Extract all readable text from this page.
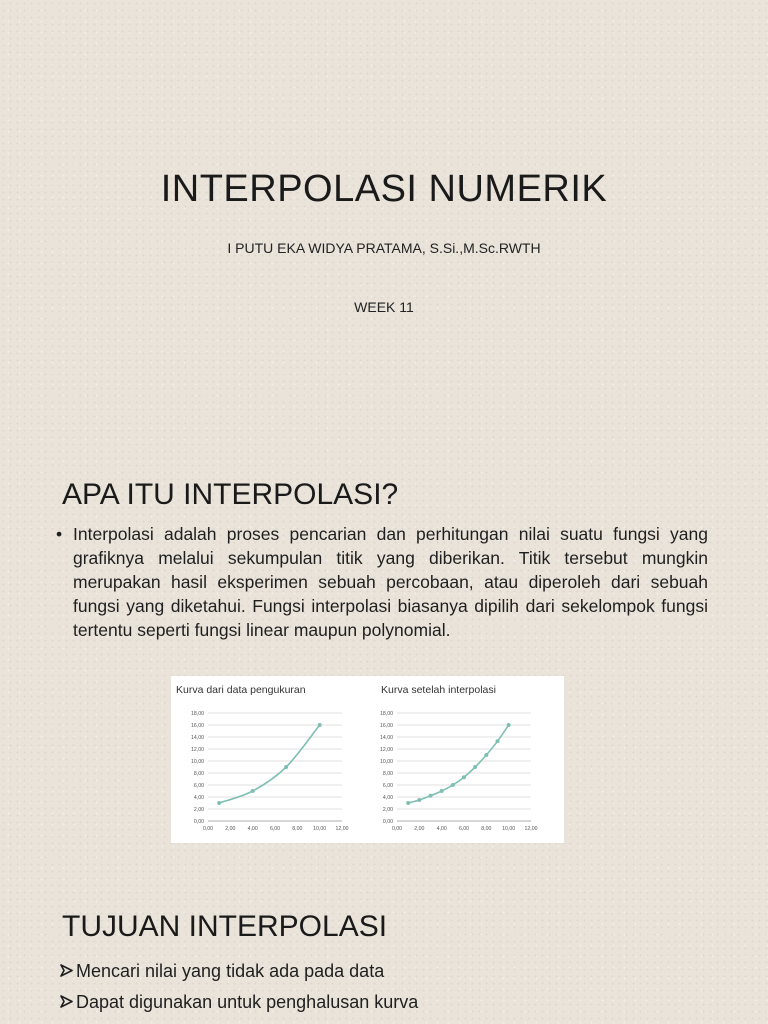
INTERPOLASI NUMERIK
I PUTU EKA WIDYA PRATAMA, S.Si.,M.Sc.RWTH
WEEK 11
APA ITU INTERPOLASI?
• Interpolasi adalah proses pencarian dan perhitungan nilai suatu fungsi yang grafiknya melalui sekumpulan titik yang diberikan. Titik tersebut mungkin merupakan hasil eksperimen sebuah percobaan, atau diperoleh dari sebuah fungsi yang diketahui. Fungsi interpolasi biasanya dipilih dari sekelompok fungsi tertentu seperti fungsi linear maupun polynomial.
Kurva dari data pengukuran
0,00
2,00
4,00
6,00
8,00
10,00
12,00
14,00
16,00
18,00
0,00 2,00 4,00 6,00 8,00 10,00 12,00
Kurva setelah interpolasi
0,00
2,00
4,00
6,00
8,00
10,00
12,00
14,00
16,00
18,00
0,00 2,00 4,00 6,00 8,00 10,00 12,00
TUJUAN INTERPOLASI
Mencari nilai yang tidak ada pada data
Dapat digunakan untuk penghalusan kurva
